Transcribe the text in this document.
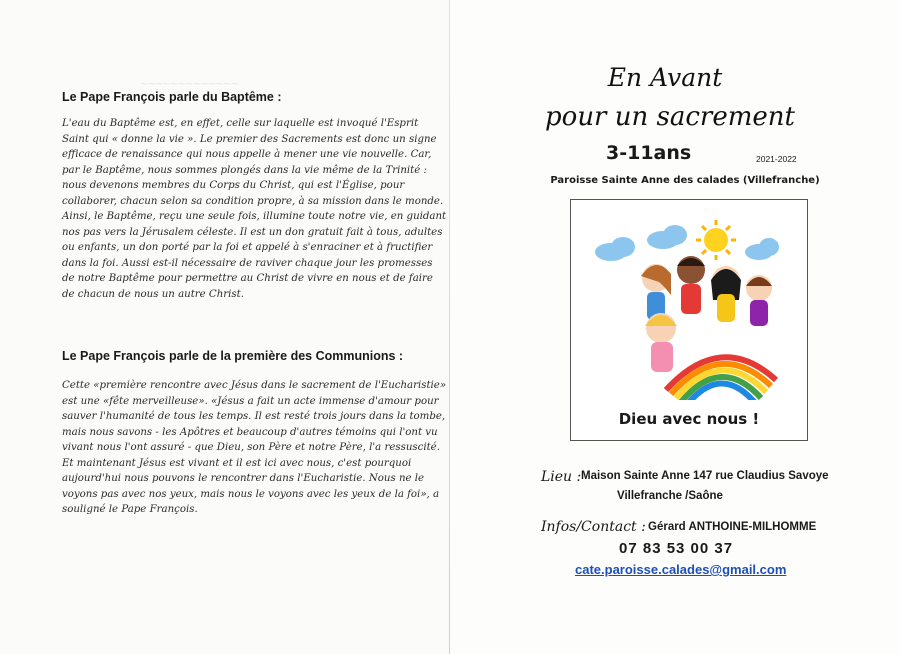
~~~~~~~~~~~~~
Le Pape François parle du Baptême :

L'eau du Baptême est, en effet, celle sur laquelle est invoqué l'Esprit Saint qui « donne la vie ». Le premier des Sacrements est donc un signe efficace de renaissance qui nous appelle à mener une vie nouvelle. Car, par le Baptême, nous sommes plongés dans la vie même de la Trinité : nous devenons membres du Corps du Christ, qui est l'Église, pour collaborer, chacun selon sa condition propre, à sa mission dans le monde. Ainsi, le Baptême, reçu une seule fois, illumine toute notre vie, en guidant nos pas vers la Jérusalem céleste. Il est un don gratuit fait à tous, adultes ou enfants, un don porté par la foi et appelé à s'enraciner et à fructifier dans la foi. Aussi est-il nécessaire de raviver chaque jour les promesses de notre Baptême pour permettre au Christ de vivre en nous et de faire de chacun de nous un autre Christ.

Le Pape François parle de la première des Communions :

Cette «première rencontre avec Jésus dans le sacrement de l'Eucharistie» est une «fête merveilleuse». «Jésus a fait un acte immense d'amour pour sauver l'humanité de tous les temps. Il est resté trois jours dans la tombe, mais nous savons - les Apôtres et beaucoup d'autres témoins qui l'ont vu vivant nous l'ont assuré - que Dieu, son Père et notre Père, l'a ressuscité. Et maintenant Jésus est vivant et il est ici avec nous, c'est pourquoi aujourd'hui nous pouvons le rencontrer dans l'Eucharistie. Nous ne le voyons pas avec nos yeux, mais nous le voyons avec les yeux de la foi», a souligné le Pape François.

En Avant
pour un sacrement
3-11ans	2021-2022
Paroisse Sainte Anne des calades (Villefranche)
Dieu avec nous !
Lieu : Maison Sainte Anne 147 rue Claudius Savoye
Villefranche /Saône
Infos/Contact : Gérard ANTHOINE-MILHOMME
07 83 53 00 37
cate.paroisse.calades@gmail.com
